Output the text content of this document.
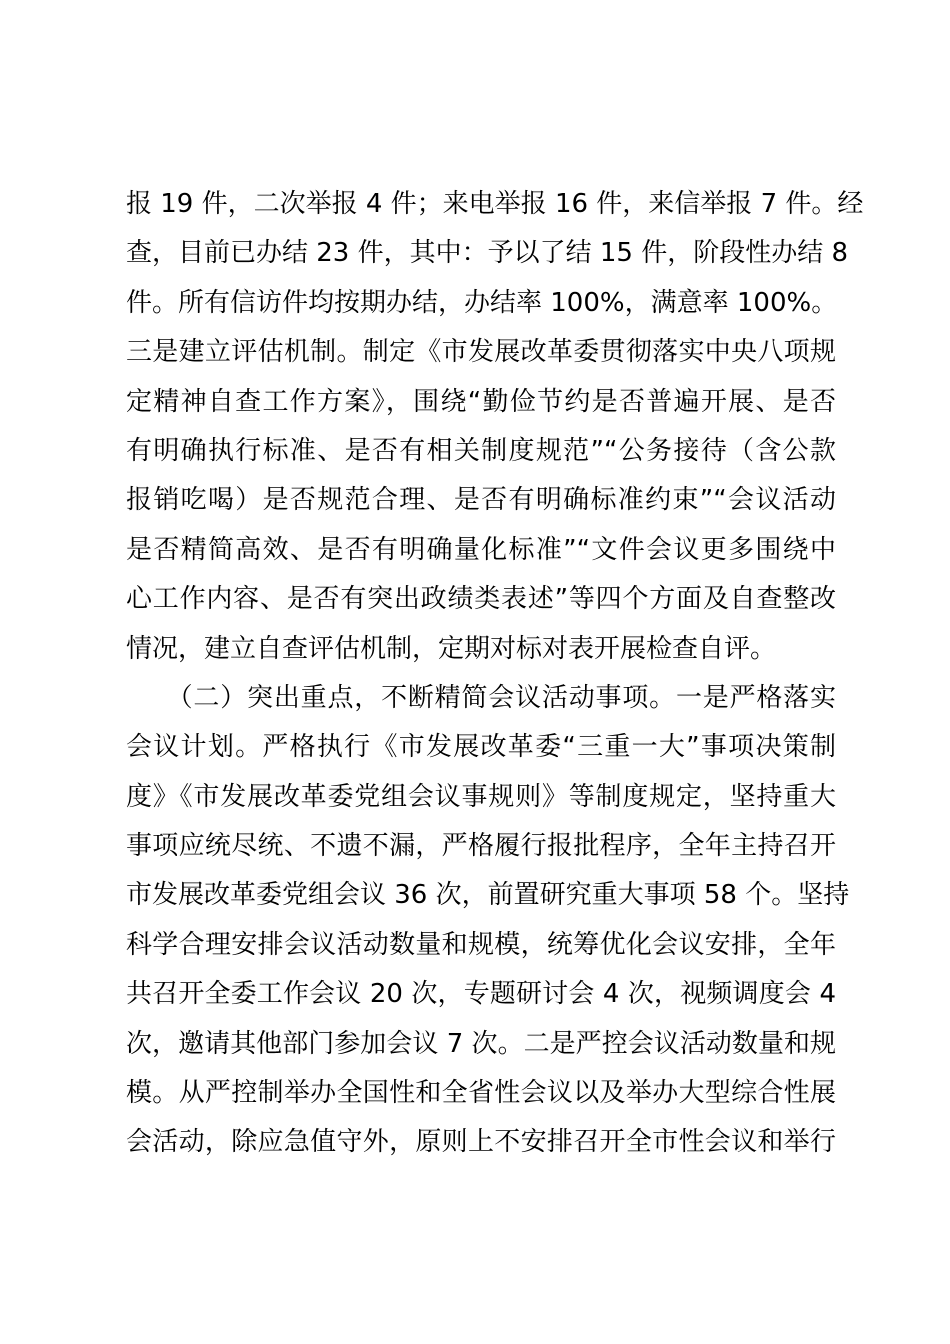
报 19 件，二次举报 4 件；来电举报 16 件，来信举报 7 件。经
查，目前已办结 23 件，其中：予以了结 15 件，阶段性办结 8
件。所有信访件均按期办结，办结率 100%，满意率 100%。
三是建立评估机制。制定《市发展改革委贯彻落实中央八项规
定精神自查工作方案》，围绕“勤俭节约是否普遍开展、是否
有明确执行标准、是否有相关制度规范”“公务接待（含公款
报销吃喝）是否规范合理、是否有明确标准约束”“会议活动
是否精简高效、是否有明确量化标准”“文件会议更多围绕中
心工作内容、是否有突出政绩类表述”等四个方面及自查整改
情况，建立自查评估机制，定期对标对表开展检查自评。
　　（二）突出重点，不断精简会议活动事项。一是严格落实
会议计划。严格执行《市发展改革委“三重一大”事项决策制
度》《市发展改革委党组会议事规则》等制度规定，坚持重大
事项应统尽统、不遗不漏，严格履行报批程序，全年主持召开
市发展改革委党组会议 36 次，前置研究重大事项 58 个。坚持
科学合理安排会议活动数量和规模，统筹优化会议安排，全年
共召开全委工作会议 20 次，专题研讨会 4 次，视频调度会 4
次，邀请其他部门参加会议 7 次。二是严控会议活动数量和规
模。从严控制举办全国性和全省性会议以及举办大型综合性展
会活动，除应急值守外，原则上不安排召开全市性会议和举行
